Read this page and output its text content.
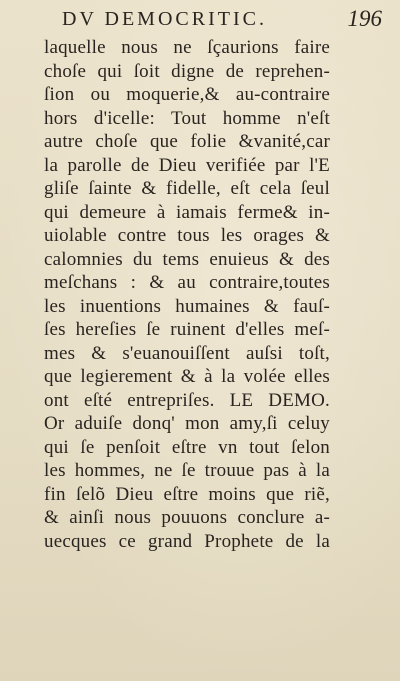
DV DEMOCRITIC.	196
laquelle nous ne ſçaurions faire
choſe qui ſoit digne de reprehen-
ſion ou moquerie,& au-contraire
hors d'icelle: Tout homme n'eſt
autre choſe que folie &vanité,car
la parolle de Dieu verifiée par l'E
gliſe ſainte & fidelle, eſt cela ſeul
qui demeure à iamais ferme& in-
uiolable contre tous les orages &
calomnies du tems enuieus & des
meſchans : & au contraire,toutes
les inuentions humaines & fauſ-
ſes hereſies ſe ruinent d'elles meſ-
mes & s'euanouiſſent auſsi toſt,
que legierement & à la volée elles
ont eſté entrepriſes. LE DEMO.
Or aduiſe donq' mon amy,ſi celuy
qui ſe penſoit eſtre vn tout ſelon
les hommes, ne ſe trouue pas à la
fin ſelõ Dieu eſtre moins que riẽ,
& ainſi nous pouuons conclure a-
uecques ce grand Prophete de la
